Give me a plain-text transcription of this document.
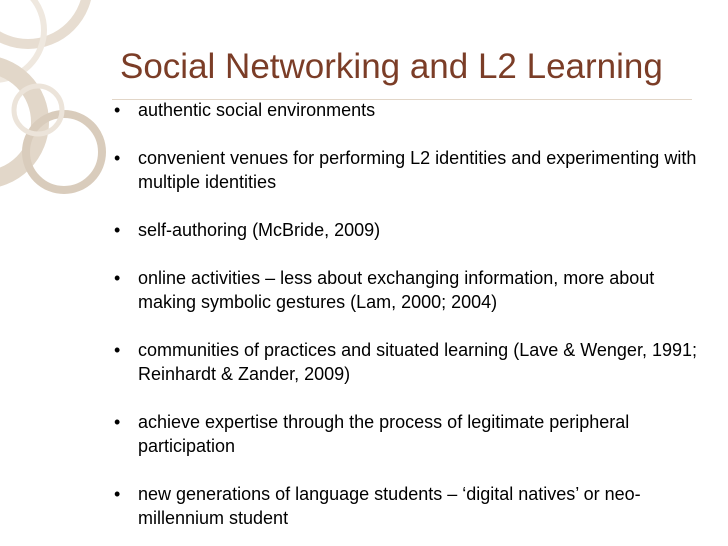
Social Networking and L2 Learning
• authentic social environments
• convenient venues for performing L2 identities and experimenting with multiple identities
• self-authoring (McBride, 2009)
• online activities – less about exchanging information, more about making symbolic gestures (Lam, 2000; 2004)
• communities of practices and situated learning (Lave & Wenger, 1991; Reinhardt & Zander, 2009)
• achieve expertise through the process of legitimate peripheral participation
• new generations of language students – ‘digital natives’ or neo- millennium student
